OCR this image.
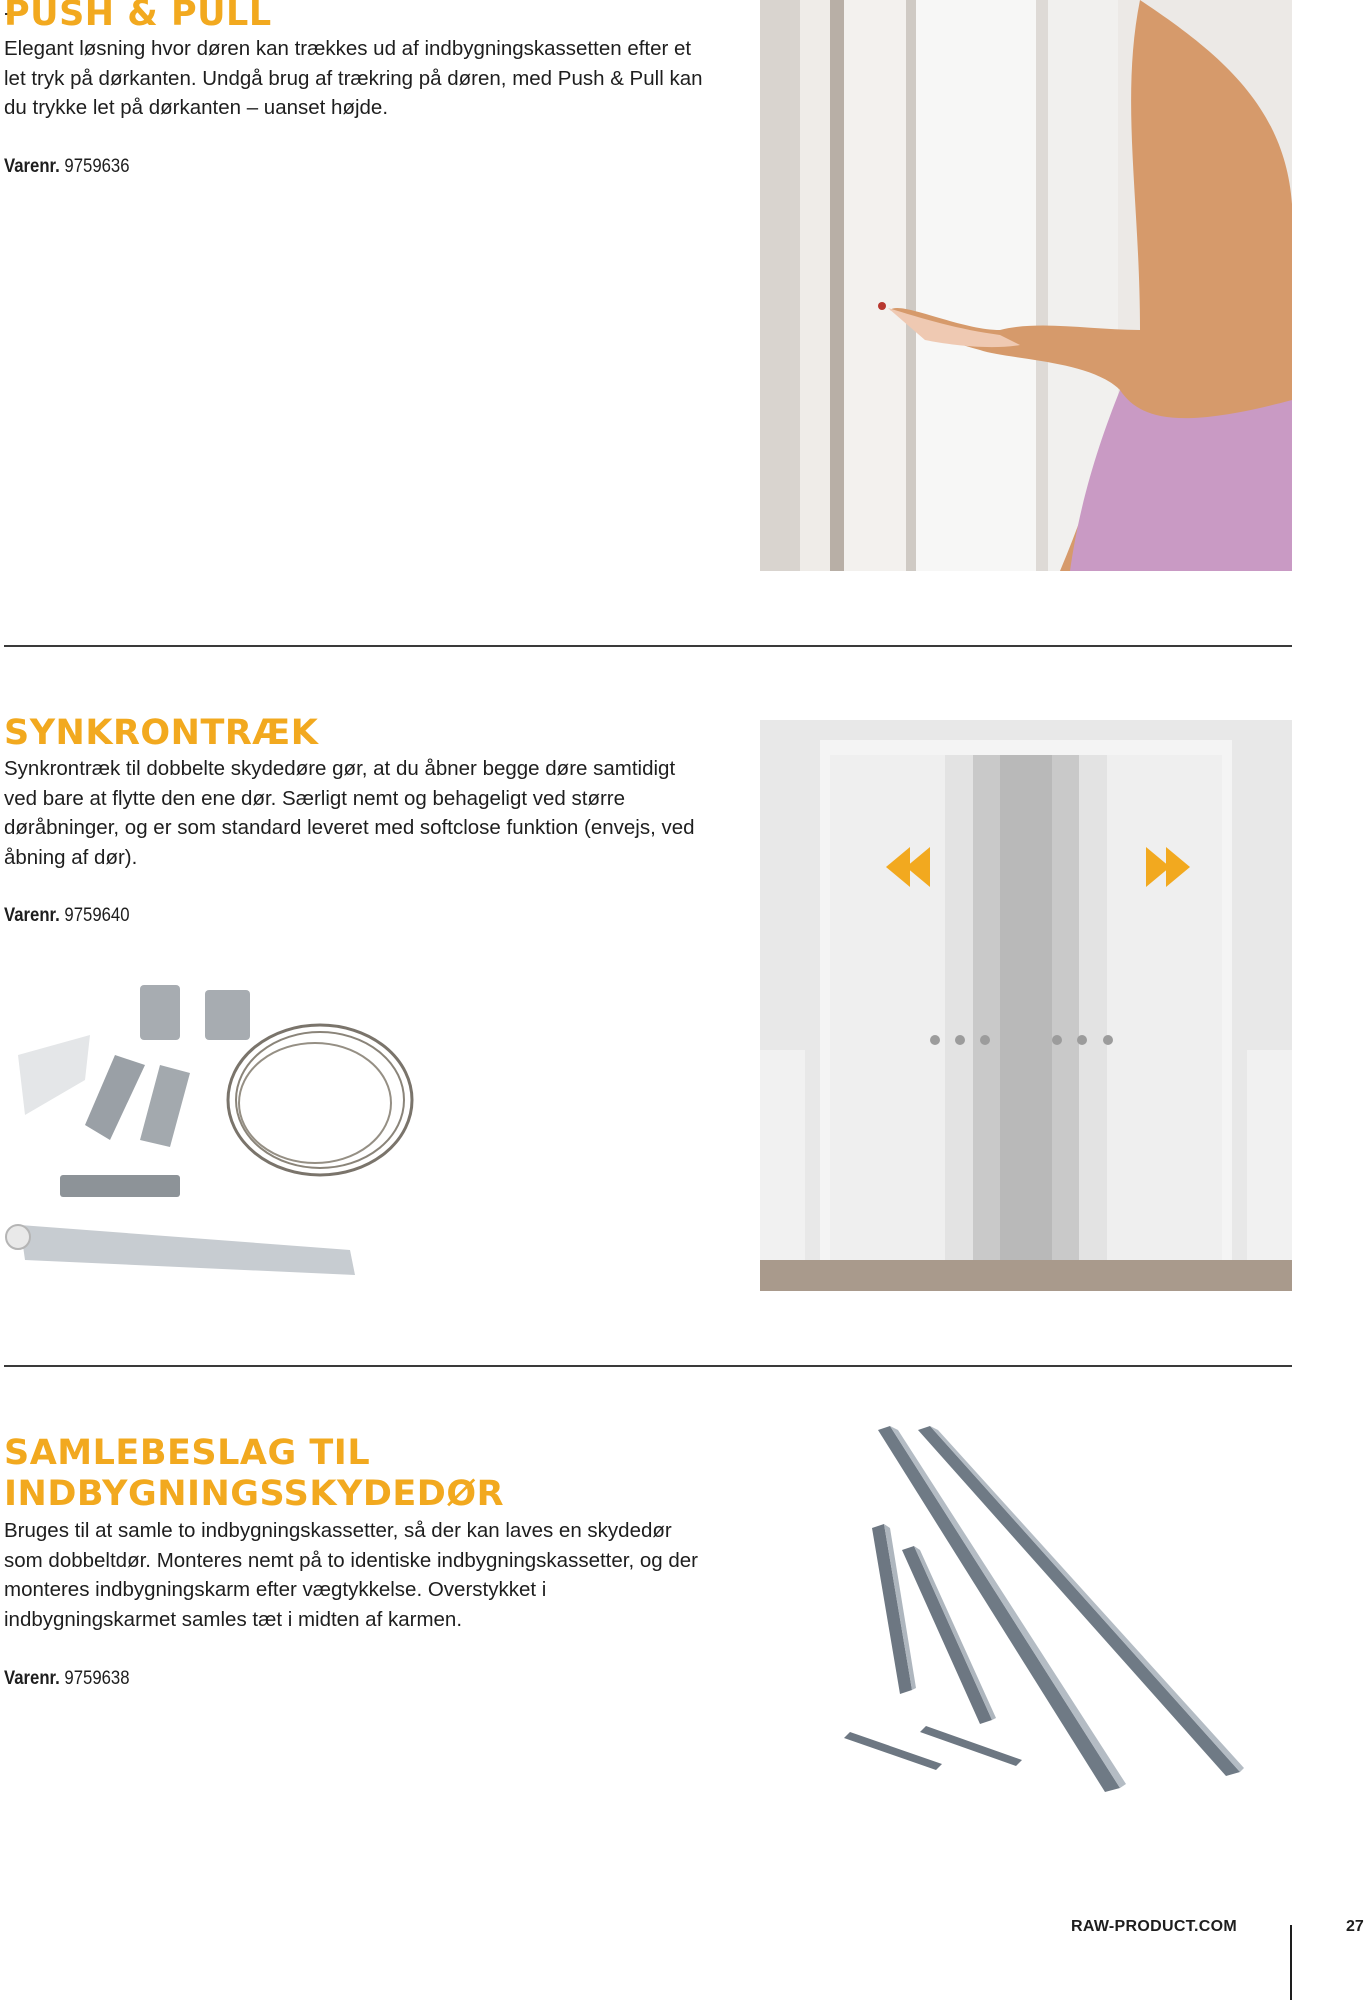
PUSH & PULL

Elegant løsning hvor døren kan trækkes ud af indbygningskassetten efter et let tryk på dørkanten. Undgå brug af trækring på døren, med Push & Pull kan du trykke let på dørkanten – uanset højde.

Varenr. 9759636

SYNKRONTRÆK

Synkrontræk til dobbelte skydedøre gør, at du åbner begge døre samtidigt ved bare at flytte den ene dør. Særligt nemt og behageligt ved større døråbninger, og er som standard leveret med softclose funktion (envejs, ved åbning af dør).

Varenr. 9759640

SAMLEBESLAG TIL INDBYGNINGSSKYDEDØR

Bruges til at samle to indbygningskassetter, så der kan laves en skydedør som dobbeltdør. Monteres nemt på to identiske indbygningskassetter, og der monteres indbygningskarm efter vægtykkelse. Overstykket i indbygningskarmet samles tæt i midten af karmen.

Varenr. 9759638

RAW-PRODUCT.COM	27
